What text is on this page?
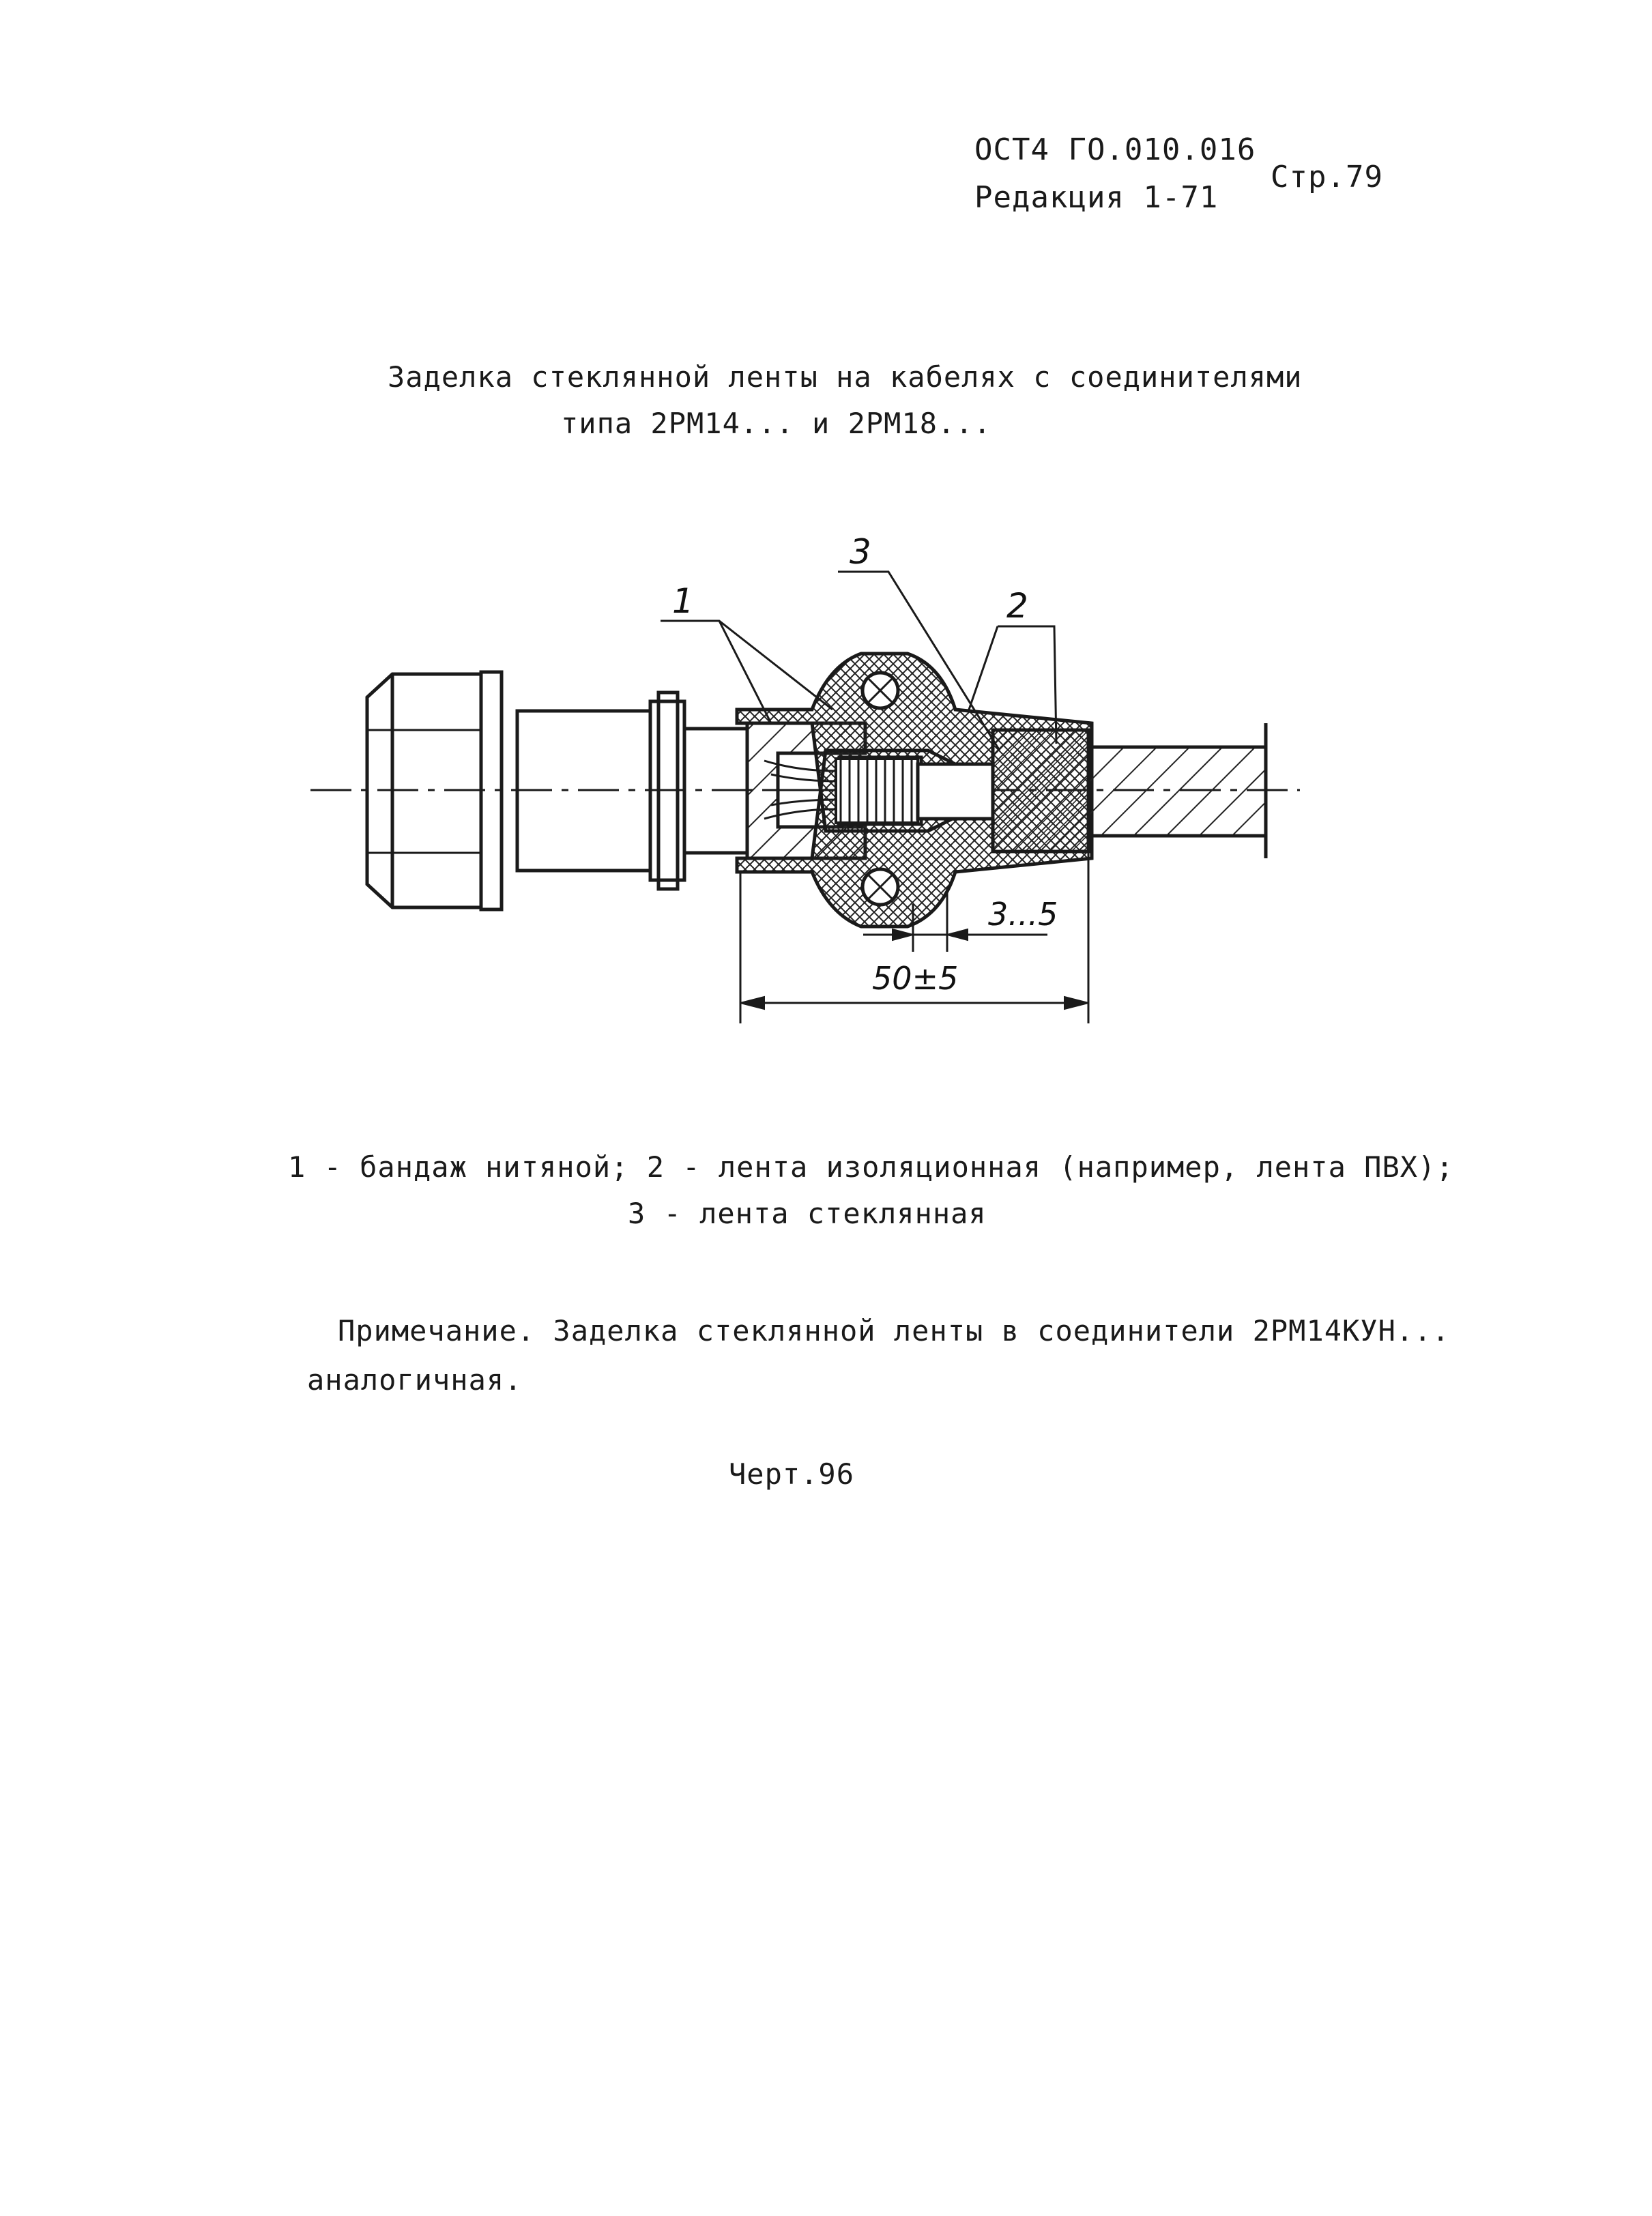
ОСТ4 ГО.010.016
Редакция 1-71
Стр.79
Заделка стеклянной ленты на кабелях с соединителями
типа 2РМ14... и 2РМ18...
1	2
3
3...5
50±5
1 - бандаж нитяной; 2 - лента изоляционная (например, лента ПВХ);
3 - лента стеклянная
Примечание. Заделка стеклянной ленты в соединители 2РМ14КУН...
аналогичная.
Черт.96
